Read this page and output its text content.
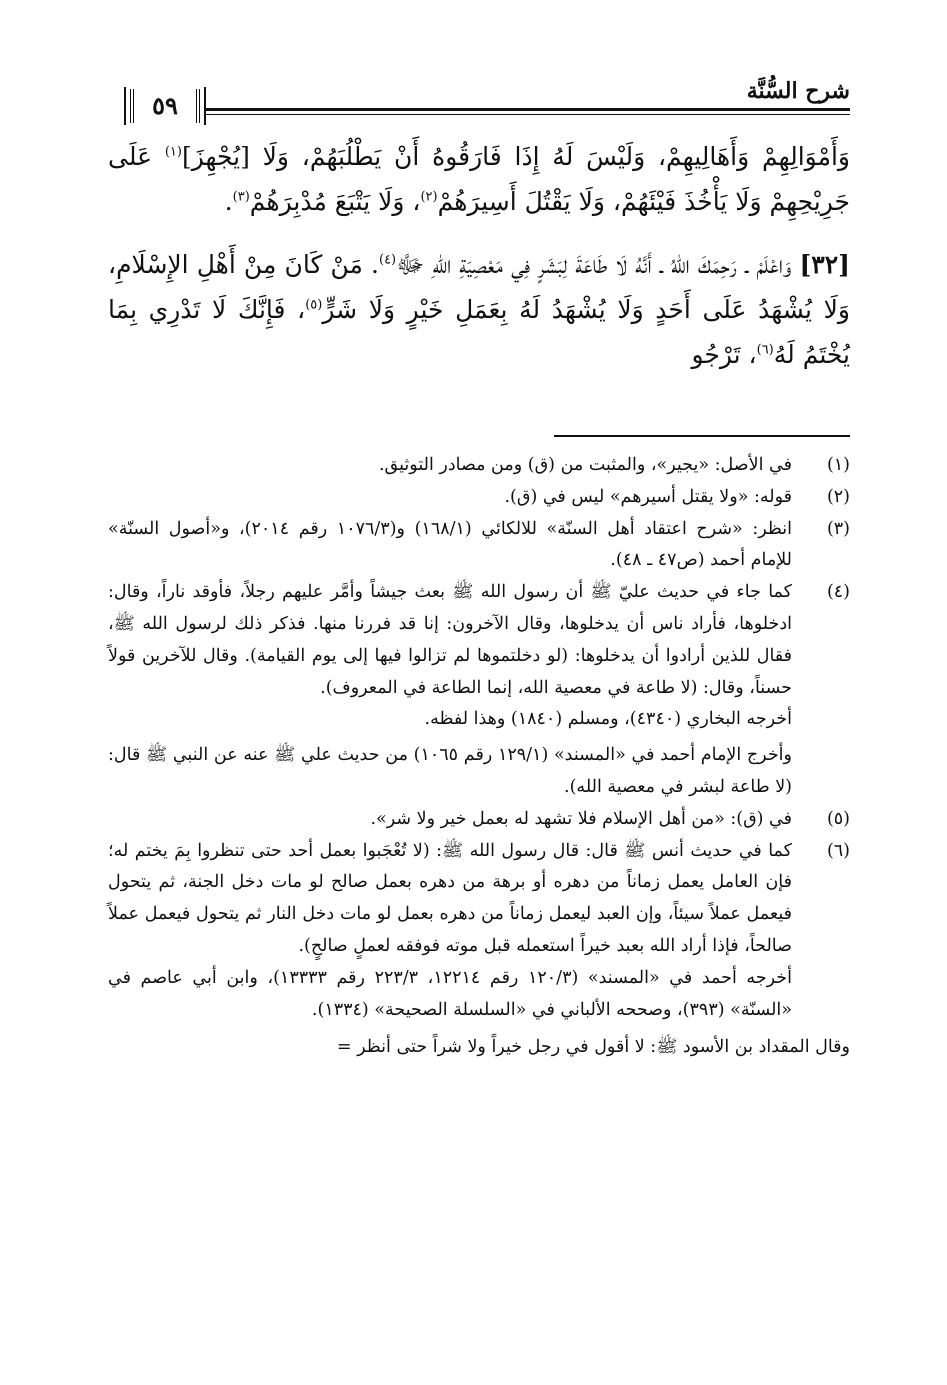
شرح السُّنَّة
٥٩

وَأَمْوَالِهِمْ وَأَهَالِيهِمْ، وَلَيْسَ لَهُ إِذَا فَارَقُوهُ أَنْ يَطْلُبَهُمْ، وَلَا [يُجْهِزَ]$^{(١)}$ عَلَى جَرِيْحِهِمْ وَلَا يَأْخُذَ فَيْئَهُمْ، وَلَا يَقْتُلَ أَسِيرَهُمْ$^{(٢)}$، وَلَا يَتْبَعَ مُدْبِرَهُمْ$^{(٣)}$.

[٣٢] وَاعْلَمْ ـ رَحِمَكَ اللهُ ـ أَنَّهُ لَا طَاعَةَ لِبَشَرٍ فِي مَعْصِيَةِ اللهِ ﷻ$^{(٤)}$. مَنْ كَانَ مِنْ أَهْلِ الإِسْلَامِ، وَلَا يُشْهَدُ عَلَى أَحَدٍ وَلَا يُشْهَدُ لَهُ بِعَمَلِ خَيْرٍ وَلَا شَرٍّ$^{(٥)}$، فَإِنَّكَ لَا تَدْرِي بِمَا يُخْتَمُ لَهُ$^{(٦)}$، تَرْجُو

(١)

في الأصل: «يجير»، والمثبت من (ق) ومن مصادر التوثيق.

(٢)

قوله: «ولا يقتل أسيرهم» ليس في (ق).

(٣)

انظر: «شرح اعتقاد أهل السنّة» للالكائي (١٦٨/١) و(١٠٧٦/٣ رقم ٢٠١٤)، و«أصول السنّة» للإمام أحمد (ص٤٧ ـ ٤٨).

(٤)

كما جاء في حديث عليّ ﷺ أن رسول الله ﷺ بعث جيشاً وأمَّر عليهم رجلاً، فأوقد ناراً، وقال: ادخلوها، فأراد ناس أن يدخلوها، وقال الآخرون: إنا قد فررنا منها. فذكر ذلك لرسول الله ﷺ، فقال للذين أرادوا أن يدخلوها: (لو دخلتموها لم تزالوا فيها إلى يوم القيامة). وقال للآخرين قولاً حسناً، وقال: (لا طاعة في معصية الله، إنما الطاعة في المعروف).

أخرجه البخاري (٤٣٤٠)، ومسلم (١٨٤٠) وهذا لفظه.

وأخرج الإمام أحمد في «المسند» (١٢٩/١ رقم ١٠٦٥) من حديث علي ﷺ عنه عن النبي ﷺ قال: (لا طاعة لبشر في معصية الله).

(٥)

في (ق): «من أهل الإسلام فلا تشهد له بعمل خير ولا شر».

(٦)

كما في حديث أنس ﷺ قال: قال رسول الله ﷺ: (لا تُعْجَبوا بعمل أحد حتى تنظروا بِمَ يختم له؛ فإن العامل يعمل زماناً من دهره أو برهة من دهره بعمل صالح لو مات دخل الجنة، ثم يتحول فيعمل عملاً سيئاً، وإن العبد ليعمل زماناً من دهره بعمل لو مات دخل النار ثم يتحول فيعمل عملاً صالحاً، فإذا أراد الله بعبد خيراً استعمله قبل موته فوفقه لعملٍ صالحٍ).

أخرجه أحمد في «المسند» (١٢٠/٣ رقم ١٢٢١٤، ٢٢٣/٣ رقم ١٣٣٣٣)، وابن أبي عاصم في «السنّة» (٣٩٣)، وصححه الألباني في «السلسلة الصحيحة» (١٣٣٤).

وقال المقداد بن الأسود ﷺ: لا أقول في رجل خيراً ولا شراً حتى أنظر =
